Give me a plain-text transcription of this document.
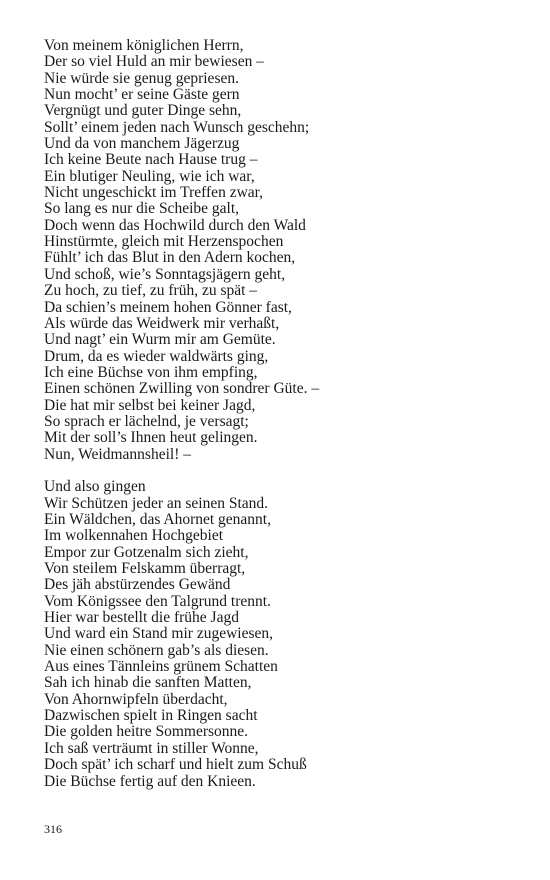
Von meinem königlichen Herrn,
Der so viel Huld an mir bewiesen –
Nie würde sie genug gepriesen.
Nun mocht’ er seine Gäste gern
Vergnügt und guter Dinge sehn,
Sollt’ einem jeden nach Wunsch geschehn;
Und da von manchem Jägerzug
Ich keine Beute nach Hause trug –
Ein blutiger Neuling, wie ich war,
Nicht ungeschickt im Treffen zwar,
So lang es nur die Scheibe galt,
Doch wenn das Hochwild durch den Wald
Hinstürmte, gleich mit Herzenspochen
Fühlt’ ich das Blut in den Adern kochen,
Und schoß, wie’s Sonntagsjägern geht,
Zu hoch, zu tief, zu früh, zu spät –
Da schien’s meinem hohen Gönner fast,
Als würde das Weidwerk mir verhaßt,
Und nagt’ ein Wurm mir am Gemüte.
Drum, da es wieder waldwärts ging,
Ich eine Büchse von ihm empfing,
Einen schönen Zwilling von sondrer Güte. –
Die hat mir selbst bei keiner Jagd,
So sprach er lächelnd, je versagt;
Mit der soll’s Ihnen heut gelingen.
Nun, Weidmannsheil! –
Und also gingen
Wir Schützen jeder an seinen Stand.
Ein Wäldchen, das Ahornet genannt,
Im wolkennahen Hochgebiet
Empor zur Gotzenalm sich zieht,
Von steilem Felskamm überragt,
Des jäh abstürzendes Gewänd
Vom Königssee den Talgrund trennt.
Hier war bestellt die frühe Jagd
Und ward ein Stand mir zugewiesen,
Nie einen schönern gab’s als diesen.
Aus eines Tännleins grünem Schatten
Sah ich hinab die sanften Matten,
Von Ahornwipfeln überdacht,
Dazwischen spielt in Ringen sacht
Die golden heitre Sommersonne.
Ich saß verträumt in stiller Wonne,
Doch spät’ ich scharf und hielt zum Schuß
Die Büchse fertig auf den Knieen.
316
